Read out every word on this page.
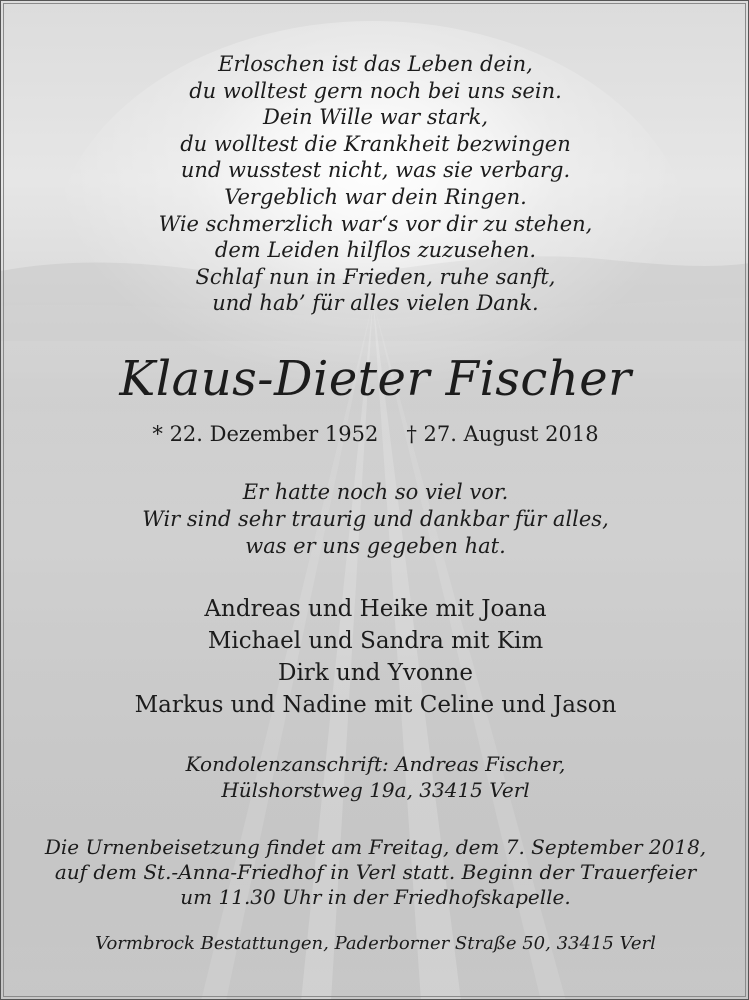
Erloschen ist das Leben dein,
du wolltest gern noch bei uns sein.
Dein Wille war stark,
du wolltest die Krankheit bezwingen
und wusstest nicht, was sie verbarg.
Vergeblich war dein Ringen.
Wie schmerzlich war‘s vor dir zu stehen,
dem Leiden hilflos zuzusehen.
Schlaf nun in Frieden, ruhe sanft,
und hab’ für alles vielen Dank.
Klaus-Dieter Fischer
* 22. Dezember 1952 † 27. August 2018
Er hatte noch so viel vor.
Wir sind sehr traurig und dankbar für alles,
was er uns gegeben hat.
Andreas und Heike mit Joana
Michael und Sandra mit Kim
Dirk und Yvonne
Markus und Nadine mit Celine und Jason
Kondolenzanschrift: Andreas Fischer,
Hülshorstweg 19a, 33415 Verl
Die Urnenbeisetzung findet am Freitag, dem 7. September 2018,
auf dem St.-Anna-Friedhof in Verl statt. Beginn der Trauerfeier
um 11.30 Uhr in der Friedhofskapelle.
Vormbrock Bestattungen, Paderborner Straße 50, 33415 Verl
